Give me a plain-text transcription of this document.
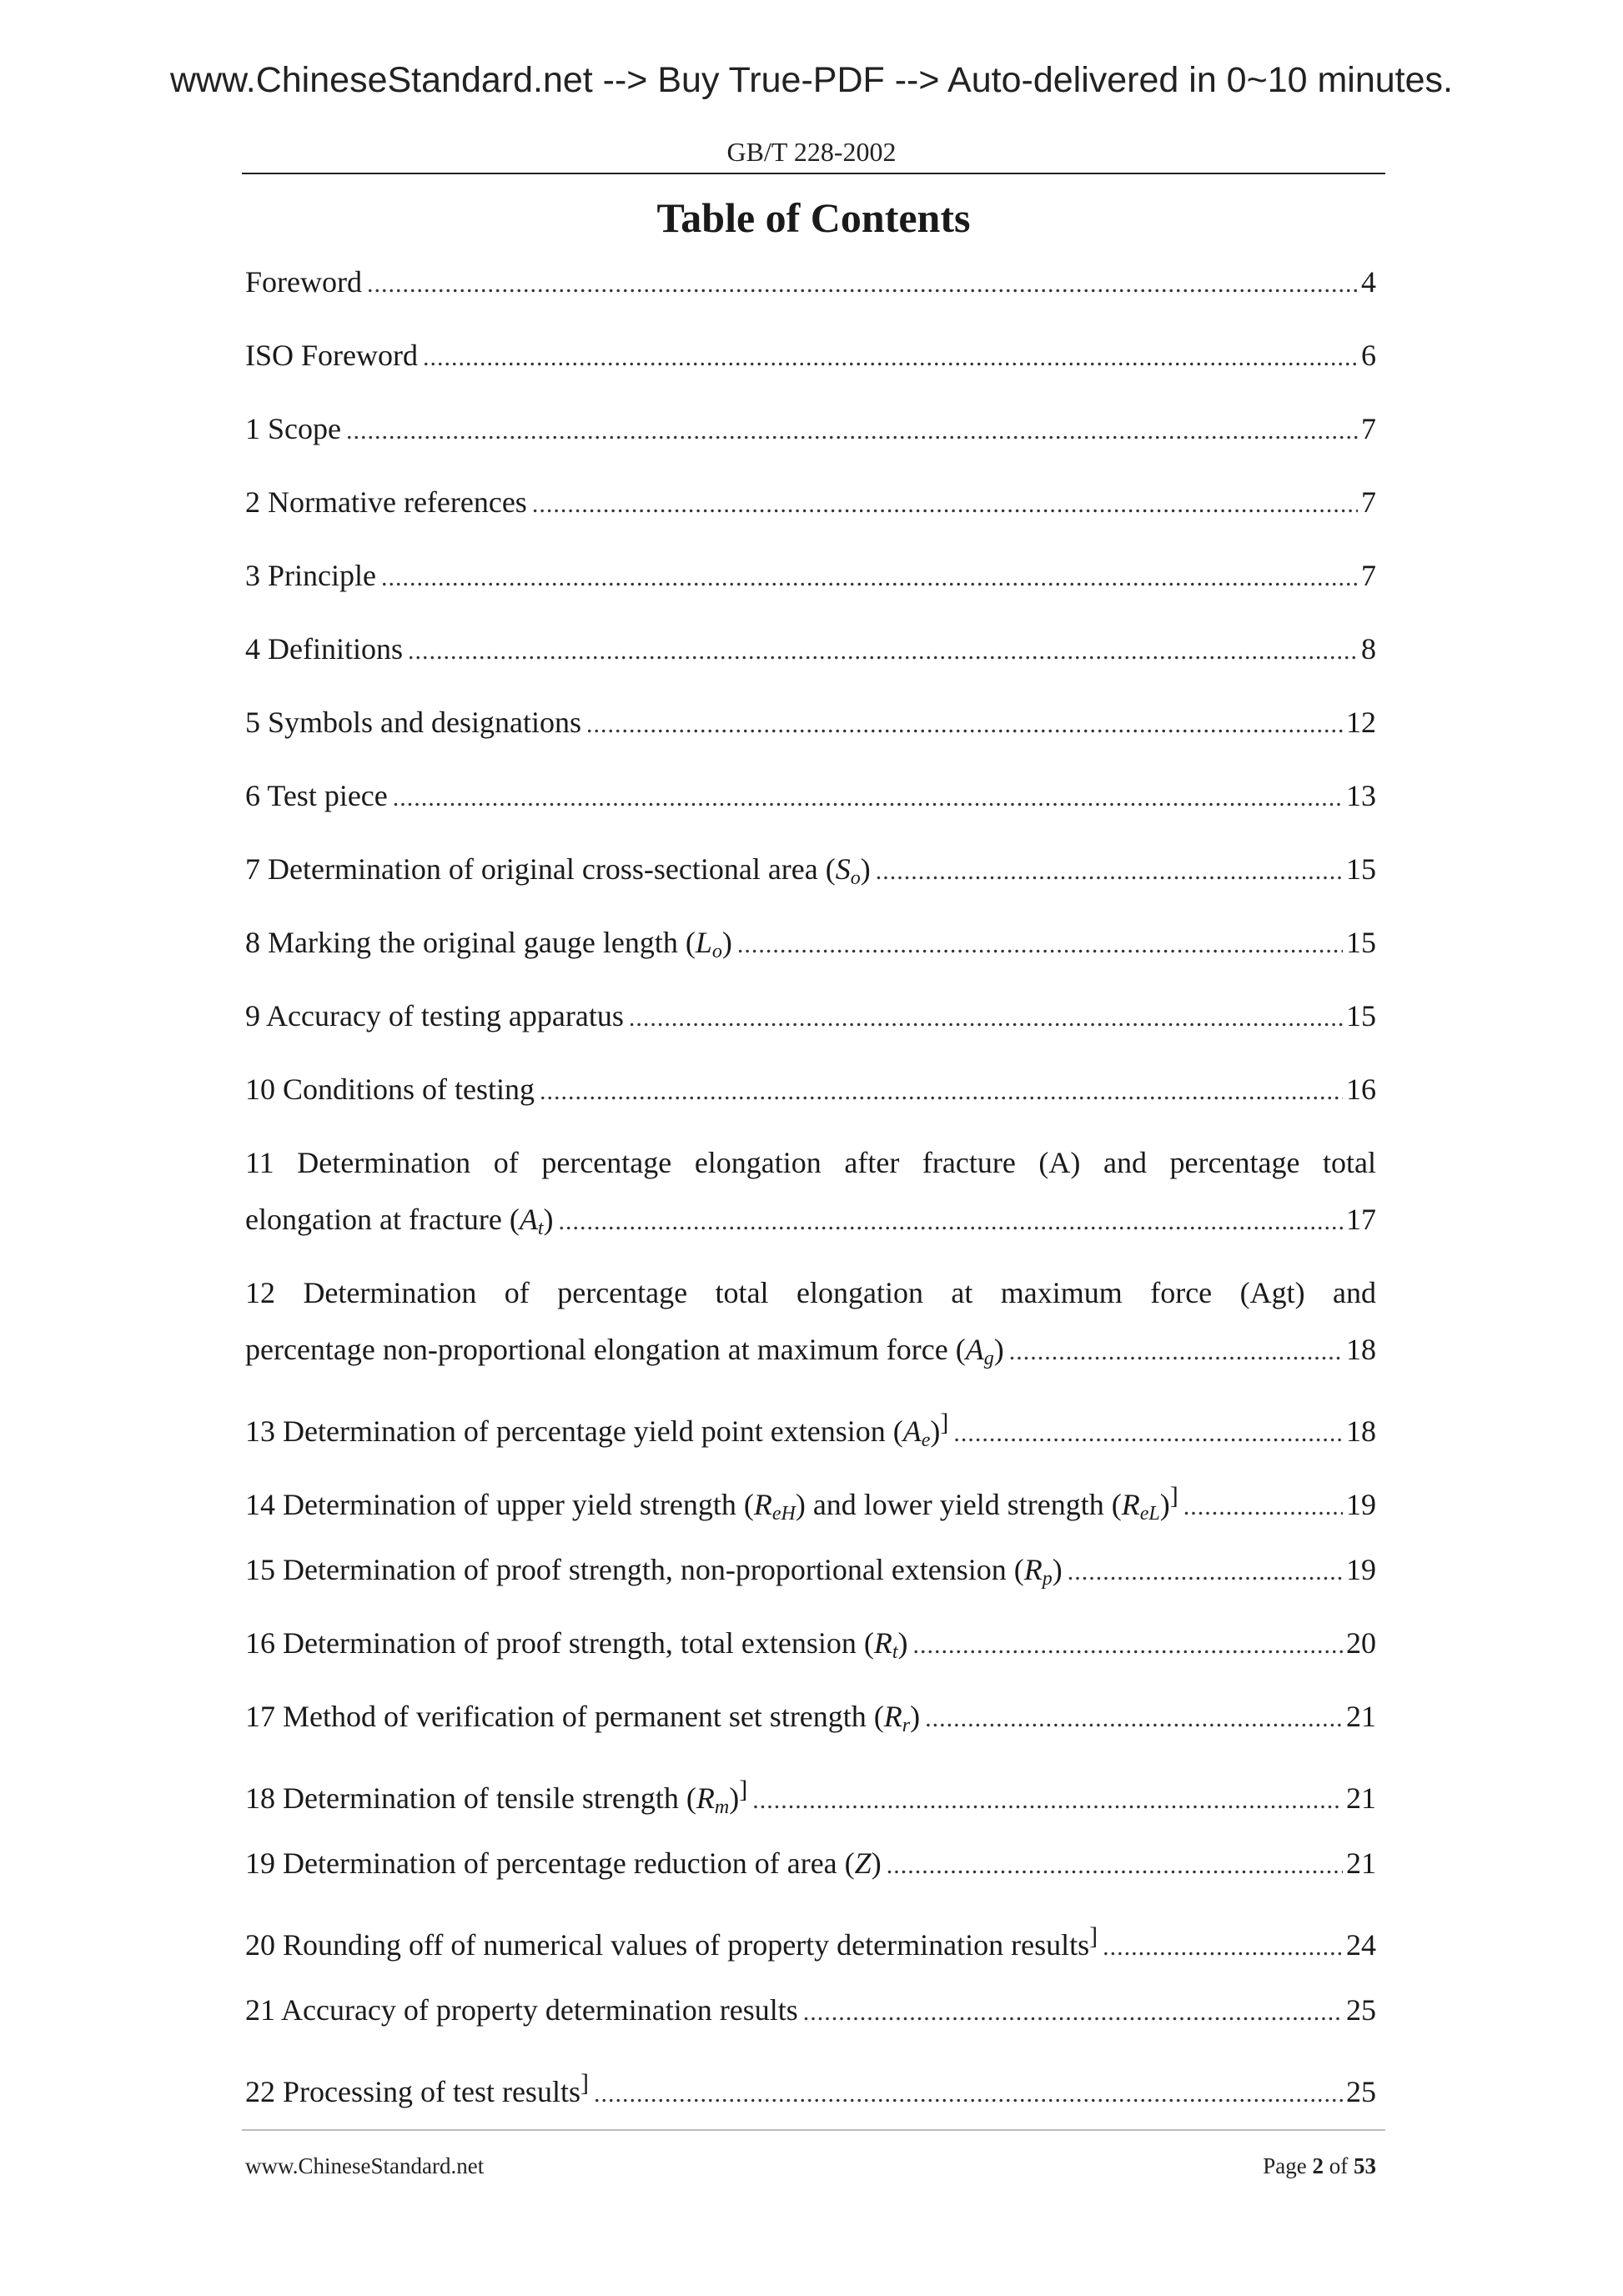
www.ChineseStandard.net --> Buy True-PDF --> Auto-delivered in 0~10 minutes.
GB/T 228-2002
Table of Contents
Foreword .....	4
ISO Foreword .....	6
1 Scope .....	7
2 Normative references .....	7
3 Principle .....	7
4 Definitions .....	8
5 Symbols and designations .....	12
6 Test piece .....	13
7 Determination of original cross-sectional area $(S_o)$ .....	15
8 Marking the original gauge length $(L_o)$ .....	15
9 Accuracy of testing apparatus .....	15
10 Conditions of testing .....	16
11 Determination of percentage elongation after fracture (A) and percentage total
elongation at fracture $(A_t)$ .....	17
12 Determination of percentage total elongation at maximum force (Agt) and
percentage non-proportional elongation at maximum force $(A_g)$ .....	18
13 Determination of percentage yield point extension $(A_e)^]$ .....	18
14 Determination of upper yield strength $(R_{eH})$ and lower yield strength $(R_{eL})^]$ .....	19
15 Determination of proof strength, non-proportional extension $(R_p)$ .....	19
16 Determination of proof strength, total extension $(R_t)$ .....	20
17 Method of verification of permanent set strength $(R_r)$ .....	21
18 Determination of tensile strength $(R_m)^]$ .....	21
19 Determination of percentage reduction of area (Z) .....	21
20 Rounding off of numerical values of property determination results] .....	24
21 Accuracy of property determination results .....	25
22 Processing of test results] .....	25
www.ChineseStandard.net	Page 2 of 53
